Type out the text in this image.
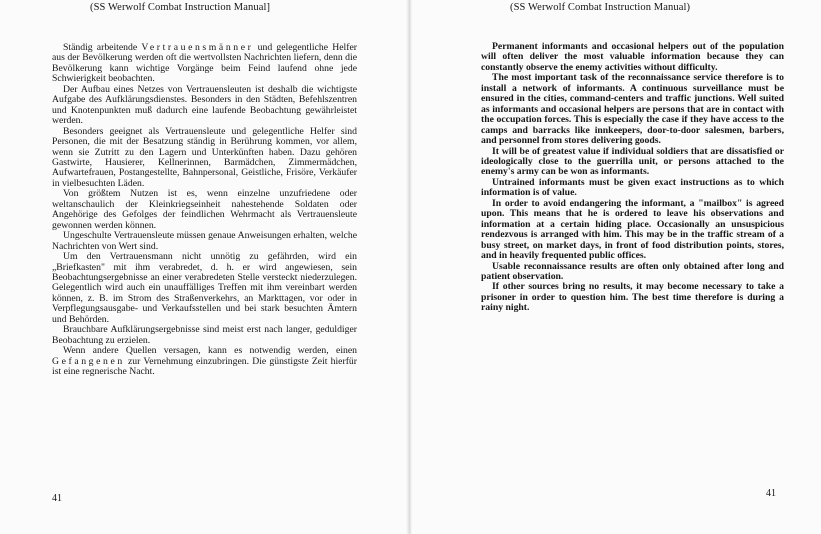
(SS Werwolf Combat Instruction Manual]

Ständig arbeitende Vertrauensmänner und gelegentliche Helfer aus der Bevölkerung werden oft die wertvollsten Nachrichten liefern, denn die Bevölkerung kann wichtige Vorgänge beim Feind laufend ohne jede Schwierigkeit beobachten.

Der Aufbau eines Netzes von Vertrauensleuten ist deshalb die wichtigste Aufgabe des Aufklärungsdienstes. Besonders in den Städten, Befehlszentren und Knotenpunkten muß dadurch eine laufende Beobachtung gewährleistet werden.

Besonders geeignet als Vertrauensleute und gelegentliche Helfer sind Personen, die mit der Besatzung ständig in Berührung kommen, vor allem, wenn sie Zutritt zu den Lagern und Unterkünften haben. Dazu gehören Gastwirte, Hausierer, Kellnerinnen, Barmädchen, Zimmermädchen, Aufwartefrauen, Postangestellte, Bahnpersonal, Geistliche, Frisöre, Verkäufer in vielbesuchten Läden.

Von größtem Nutzen ist es, wenn einzelne unzufriedene oder weltanschaulich der Kleinkriegseinheit nahestehende Soldaten oder Angehörige des Gefolges der feindlichen Wehrmacht als Vertrauensleute gewonnen werden können.

Ungeschulte Vertrauensleute müssen genaue Anweisungen erhalten, welche Nachrichten von Wert sind.

Um den Vertrauensmann nicht unnötig zu gefährden, wird ein „Briefkasten" mit ihm verabredet, d. h. er wird angewiesen, sein Beobachtungsergebnisse an einer verabredeten Stelle versteckt niederzulegen. Gelegentlich wird auch ein unauffälliges Treffen mit ihm vereinbart werden können, z. B. im Strom des Straßenverkehrs, an Markttagen, vor oder in Verpflegungsausgabe- und Verkaufsstellen und bei stark besuchten Ämtern und Behörden.

Brauchbare Aufklärungsergebnisse sind meist erst nach langer, geduldiger Beobachtung zu erzielen.

Wenn andere Quellen versagen, kann es notwendig werden, einen Gefangenen zur Vernehmung einzubringen. Die günstigste Zeit hierfür ist eine regnerische Nacht.

41
(SS Werwolf Combat Instruction Manual)

Permanent informants and occasional helpers out of the population will often deliver the most valuable information because they can constantly observe the enemy activities without difficulty.

The most important task of the reconnaissance service therefore is to install a network of informants. A continuous surveillance must be ensured in the cities, command-centers and traffic junctions. Well suited as informants and occasional helpers are persons that are in contact with the occupation forces. This is especially the case if they have access to the camps and barracks like innkeepers, door-to-door salesmen, barbers, and personnel from stores delivering goods.

It will be of greatest value if individual soldiers that are dissatisfied or ideologically close to the guerrilla unit, or persons attached to the enemy's army can be won as informants.

Untrained informants must be given exact instructions as to which information is of value.

In order to avoid endangering the informant, a "mailbox" is agreed upon. This means that he is ordered to leave his observations and information at a certain hiding place. Occasionally an unsuspicious rendezvous is arranged with him. This may be in the traffic stream of a busy street, on market days, in front of food distribution points, stores, and in heavily frequented public offices.

Usable reconnaissance results are often only obtained after long and patient observation.

If other sources bring no results, it may become necessary to take a prisoner in order to question him. The best time therefore is during a rainy night.

41
